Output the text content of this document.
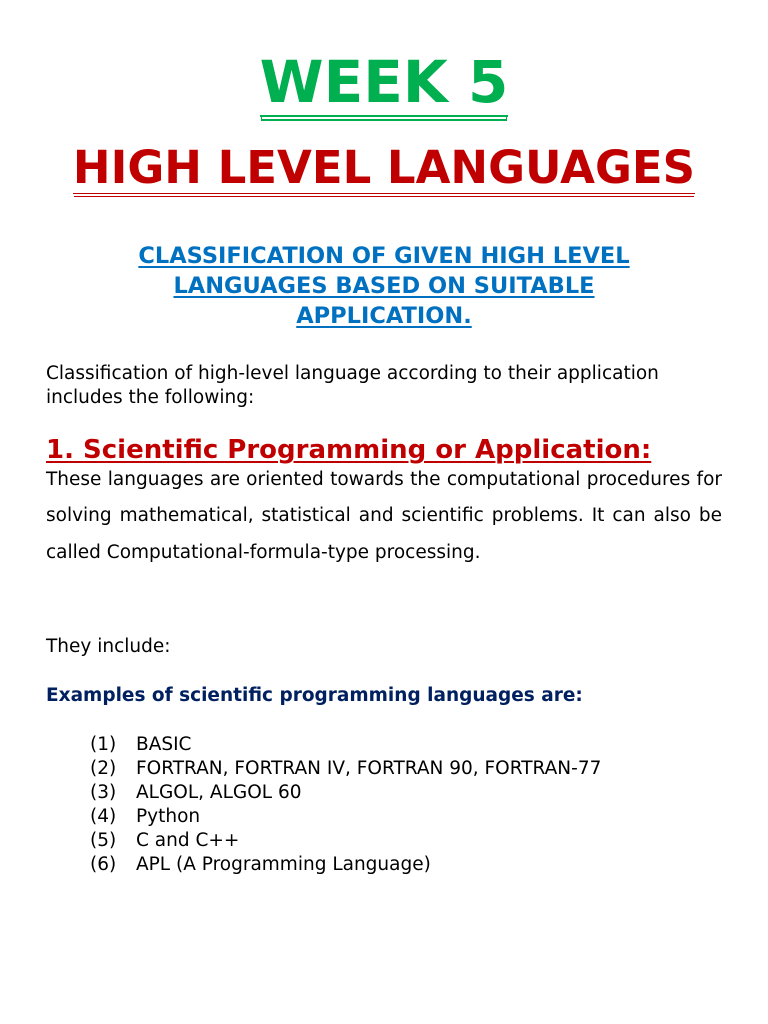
WEEK 5
HIGH LEVEL LANGUAGES
CLASSIFICATION OF GIVEN HIGH LEVEL LANGUAGES BASED ON SUITABLE APPLICATION.

Classification of high-level language according to their application includes the following:

1. Scientific Programming or Application:

These languages are oriented towards the computational procedures for solving mathematical, statistical and scientific problems. It can also be called Computational-formula-type processing.

They include:

Examples of scientific programming languages are:

(1)	BASIC
(2)	FORTRAN, FORTRAN IV, FORTRAN 90, FORTRAN-77
(3)	ALGOL, ALGOL 60
(4)	Python
(5)	C and C++
(6)	APL (A Programming Language)
